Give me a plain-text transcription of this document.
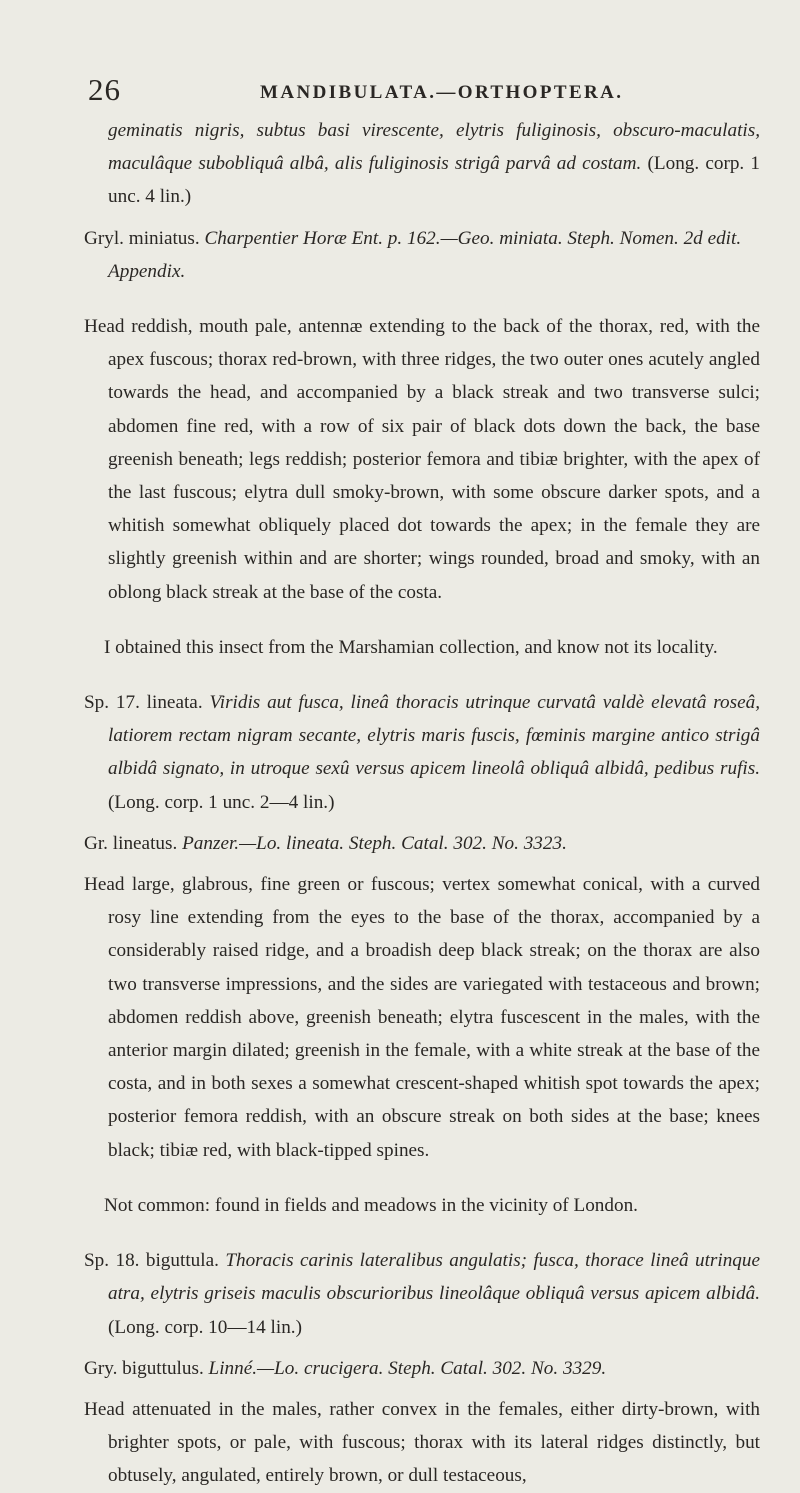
26	MANDIBULATA.—ORTHOPTERA.

geminatis nigris, subtus basi virescente, elytris fuliginosis, obscuro-maculatis, maculâque subobliquâ albâ, alis fuliginosis strigâ parvâ ad costam. (Long. corp. 1 unc. 4 lin.)

Gryl. miniatus. Charpentier Horæ Ent. p. 162.—Geo. miniata. Steph. Nomen. 2d edit. Appendix.

Head reddish, mouth pale, antennæ extending to the back of the thorax, red, with the apex fuscous; thorax red-brown, with three ridges, the two outer ones acutely angled towards the head, and accompanied by a black streak and two transverse sulci; abdomen fine red, with a row of six pair of black dots down the back, the base greenish beneath; legs reddish; posterior femora and tibiæ brighter, with the apex of the last fuscous; elytra dull smoky-brown, with some obscure darker spots, and a whitish somewhat obliquely placed dot towards the apex; in the female they are slightly greenish within and are shorter; wings rounded, broad and smoky, with an oblong black streak at the base of the costa.

I obtained this insect from the Marshamian collection, and know not its locality.

Sp. 17. lineata. Viridis aut fusca, lineâ thoracis utrinque curvatâ valdè elevatâ roseâ, latiorem rectam nigram secante, elytris maris fuscis, fœminis margine antico strigâ albidâ signato, in utroque sexû versus apicem lineolâ obliquâ albidâ, pedibus rufis. (Long. corp. 1 unc. 2—4 lin.)

Gr. lineatus. Panzer.—Lo. lineata. Steph. Catal. 302. No. 3323.

Head large, glabrous, fine green or fuscous; vertex somewhat conical, with a curved rosy line extending from the eyes to the base of the thorax, accompanied by a considerably raised ridge, and a broadish deep black streak; on the thorax are also two transverse impressions, and the sides are variegated with testaceous and brown; abdomen reddish above, greenish beneath; elytra fuscescent in the males, with the anterior margin dilated; greenish in the female, with a white streak at the base of the costa, and in both sexes a somewhat crescent-shaped whitish spot towards the apex; posterior femora reddish, with an obscure streak on both sides at the base; knees black; tibiæ red, with black-tipped spines.

Not common: found in fields and meadows in the vicinity of London.

Sp. 18. biguttula. Thoracis carinis lateralibus angulatis; fusca, thorace lineâ utrinque atra, elytris griseis maculis obscurioribus lineolâque obliquâ versus apicem albidâ. (Long. corp. 10—14 lin.)

Gry. biguttulus. Linné.—Lo. crucigera. Steph. Catal. 302. No. 3329.

Head attenuated in the males, rather convex in the females, either dirty-brown, with brighter spots, or pale, with fuscous; thorax with its lateral ridges distinctly, but obtusely, angulated, entirely brown, or dull testaceous,
